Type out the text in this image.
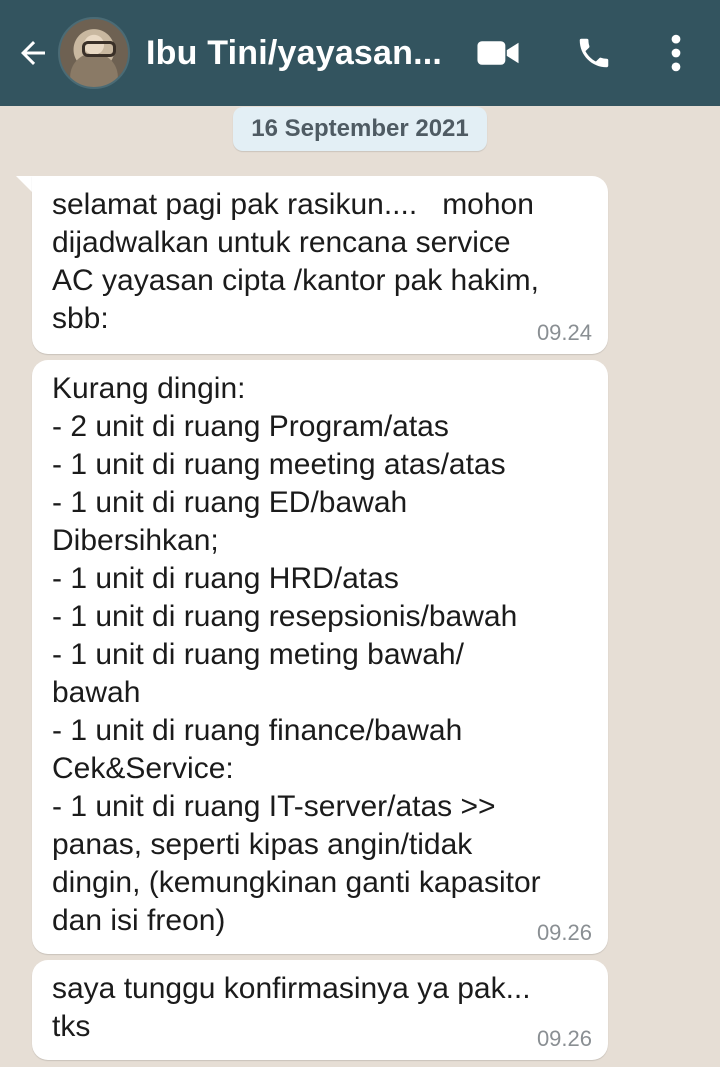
Ibu Tini/yayasan...
16 September 2021
selamat pagi pak rasikun....   mohon
dijadwalkan untuk rencana service
AC yayasan cipta /kantor pak hakim,
sbb:	09.24
Kurang dingin:
- 2 unit di ruang Program/atas
- 1 unit di ruang meeting atas/atas
- 1 unit di ruang ED/bawah
Dibersihkan;
- 1 unit di ruang HRD/atas
- 1 unit di ruang resepsionis/bawah
- 1 unit di ruang meting bawah/
bawah
- 1 unit di ruang finance/bawah
Cek&Service:
- 1 unit di ruang IT-server/atas >>
panas, seperti kipas angin/tidak
dingin, (kemungkinan ganti kapasitor
dan isi freon)	09.26
saya tunggu konfirmasinya ya pak...
tks	09.26
